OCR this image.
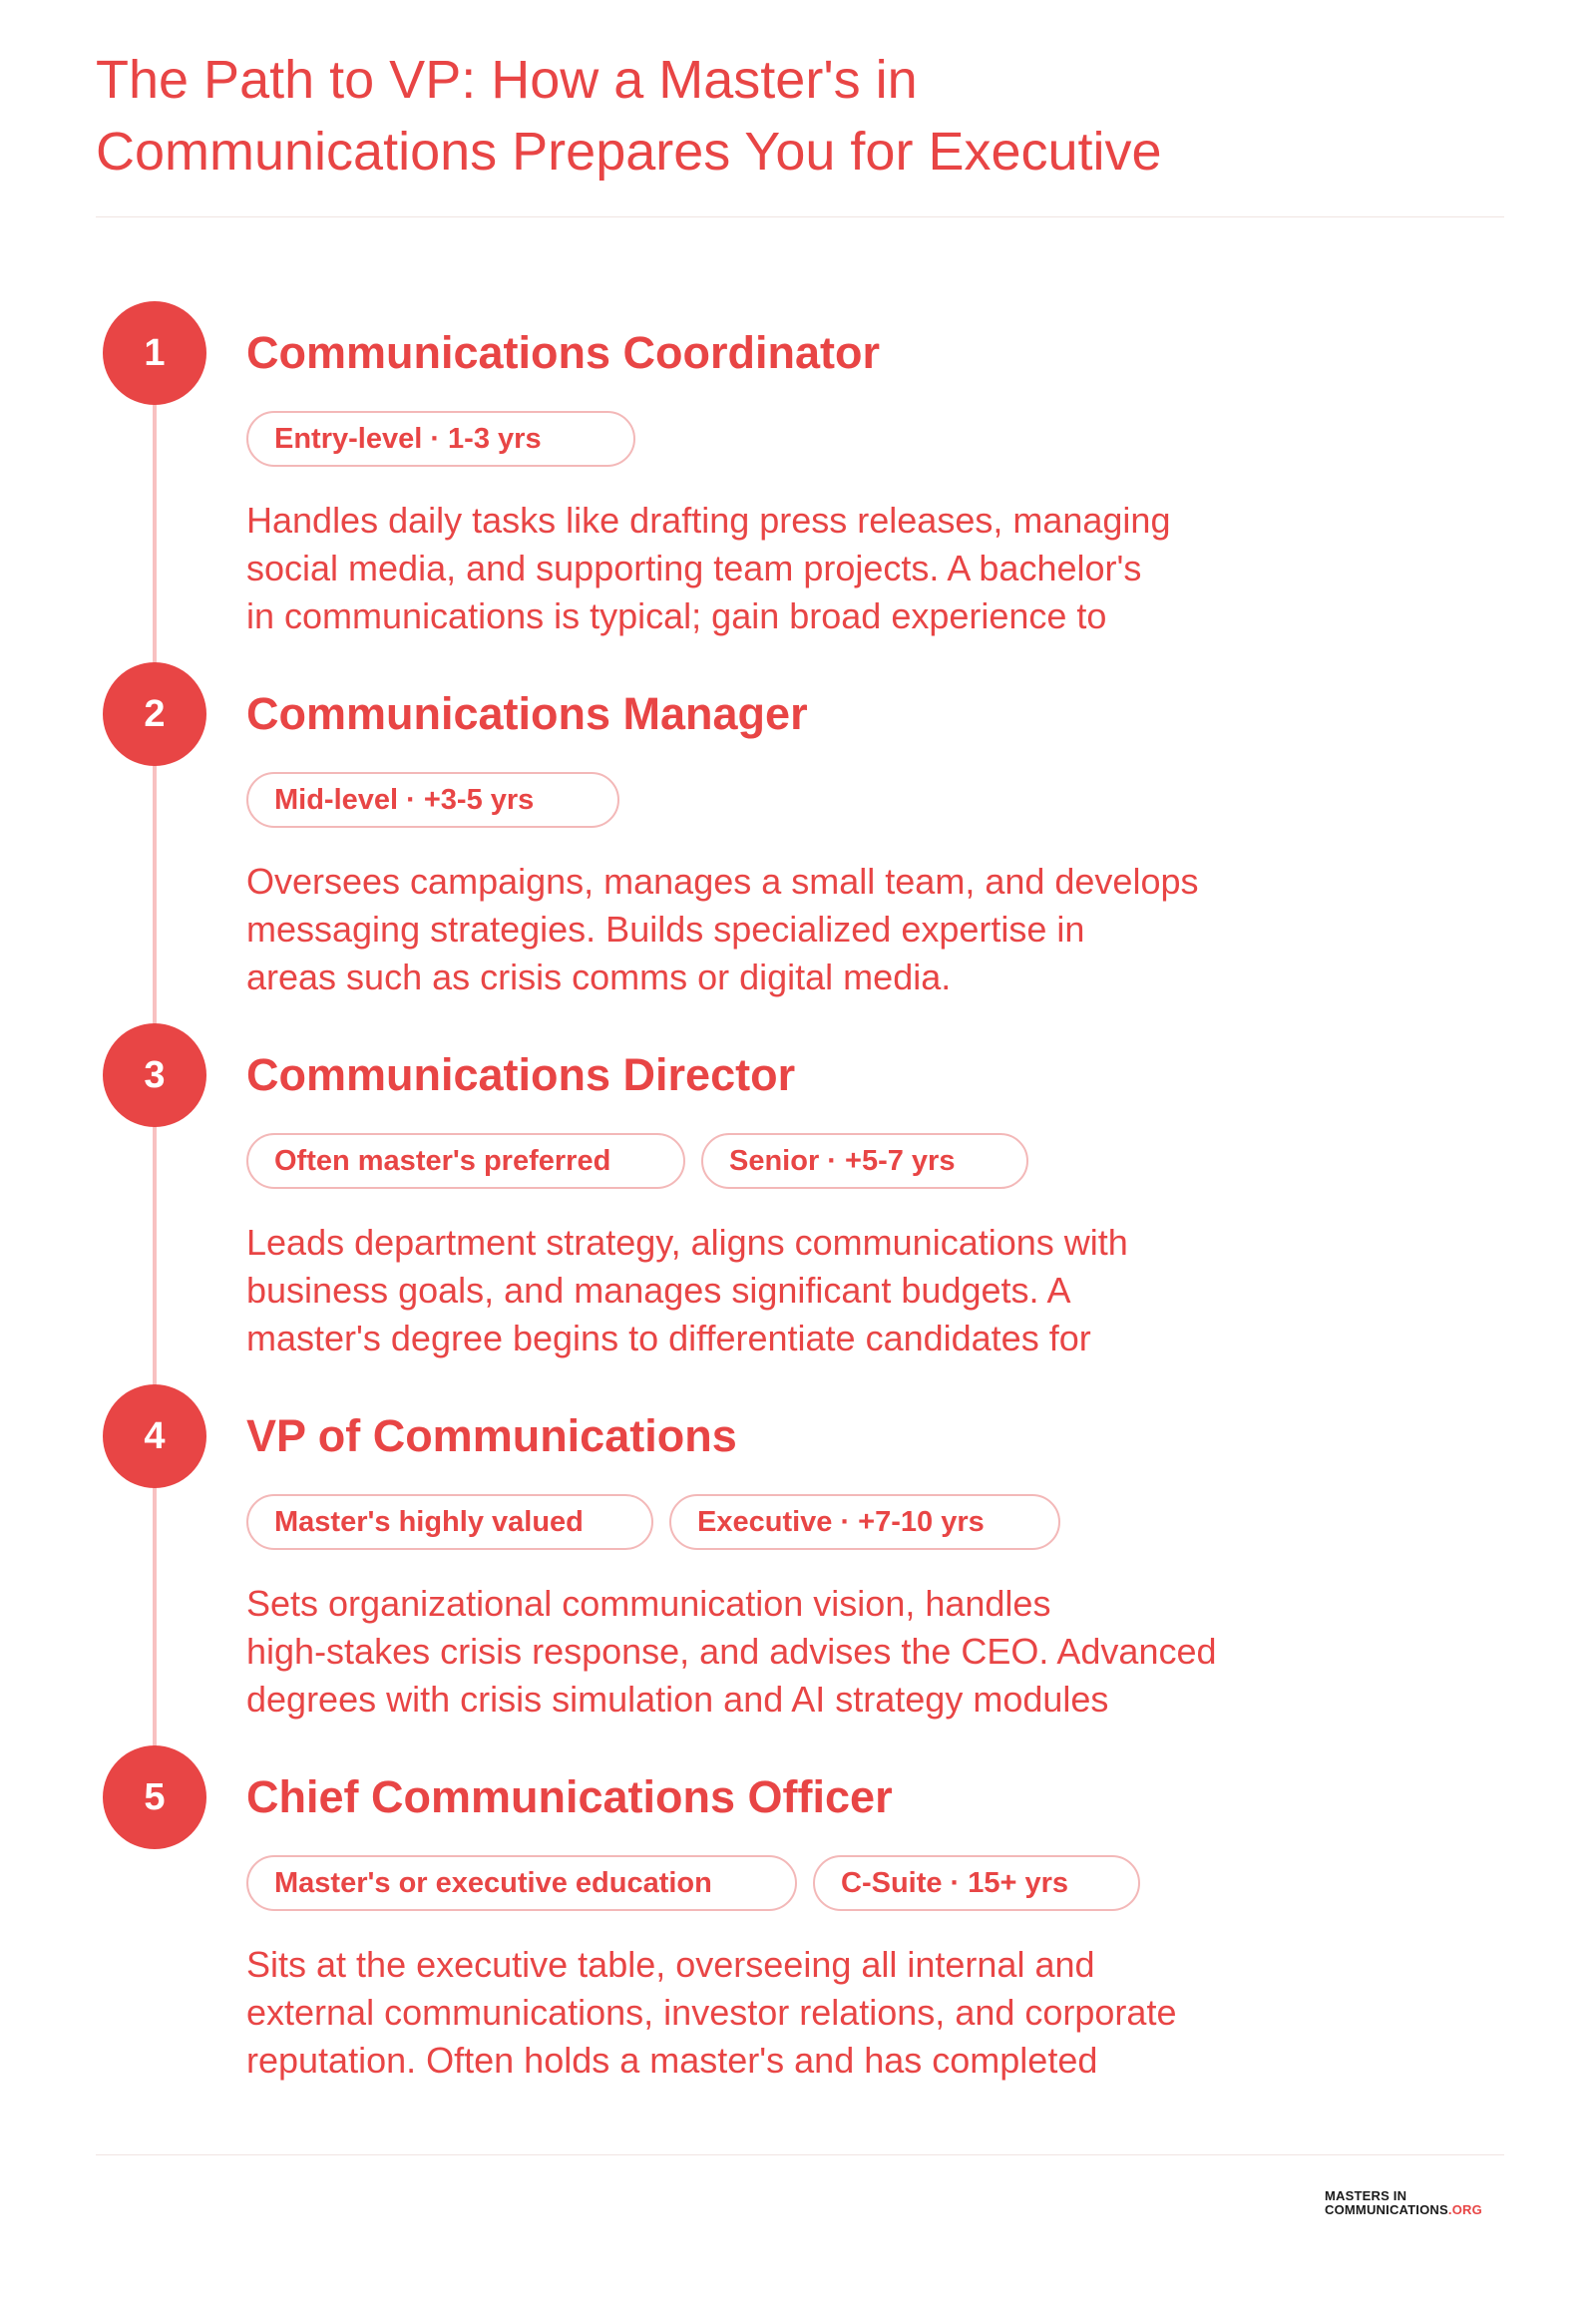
The Path to VP: How a Master's in
Communications Prepares You for Executive
1	Communications Coordinator
Entry-level · 1-3 yrs

Handles daily tasks like drafting press releases, managing
social media, and supporting team projects. A bachelor's
in communications is typical; gain broad experience to

2	Communications Manager
Mid-level · +3-5 yrs

Oversees campaigns, manages a small team, and develops
messaging strategies. Builds specialized expertise in
areas such as crisis comms or digital media.

3	Communications Director
Often master's preferred	Senior · +5-7 yrs

Leads department strategy, aligns communications with
business goals, and manages significant budgets. A
master's degree begins to differentiate candidates for

4	VP of Communications
Master's highly valued	Executive · +7-10 yrs

Sets organizational communication vision, handles
high-stakes crisis response, and advises the CEO. Advanced
degrees with crisis simulation and AI strategy modules

5	Chief Communications Officer
Master's or executive education	C-Suite · 15+ yrs

Sits at the executive table, overseeing all internal and
external communications, investor relations, and corporate
reputation. Often holds a master's and has completed

MASTERS IN
COMMUNICATIONS.ORG
